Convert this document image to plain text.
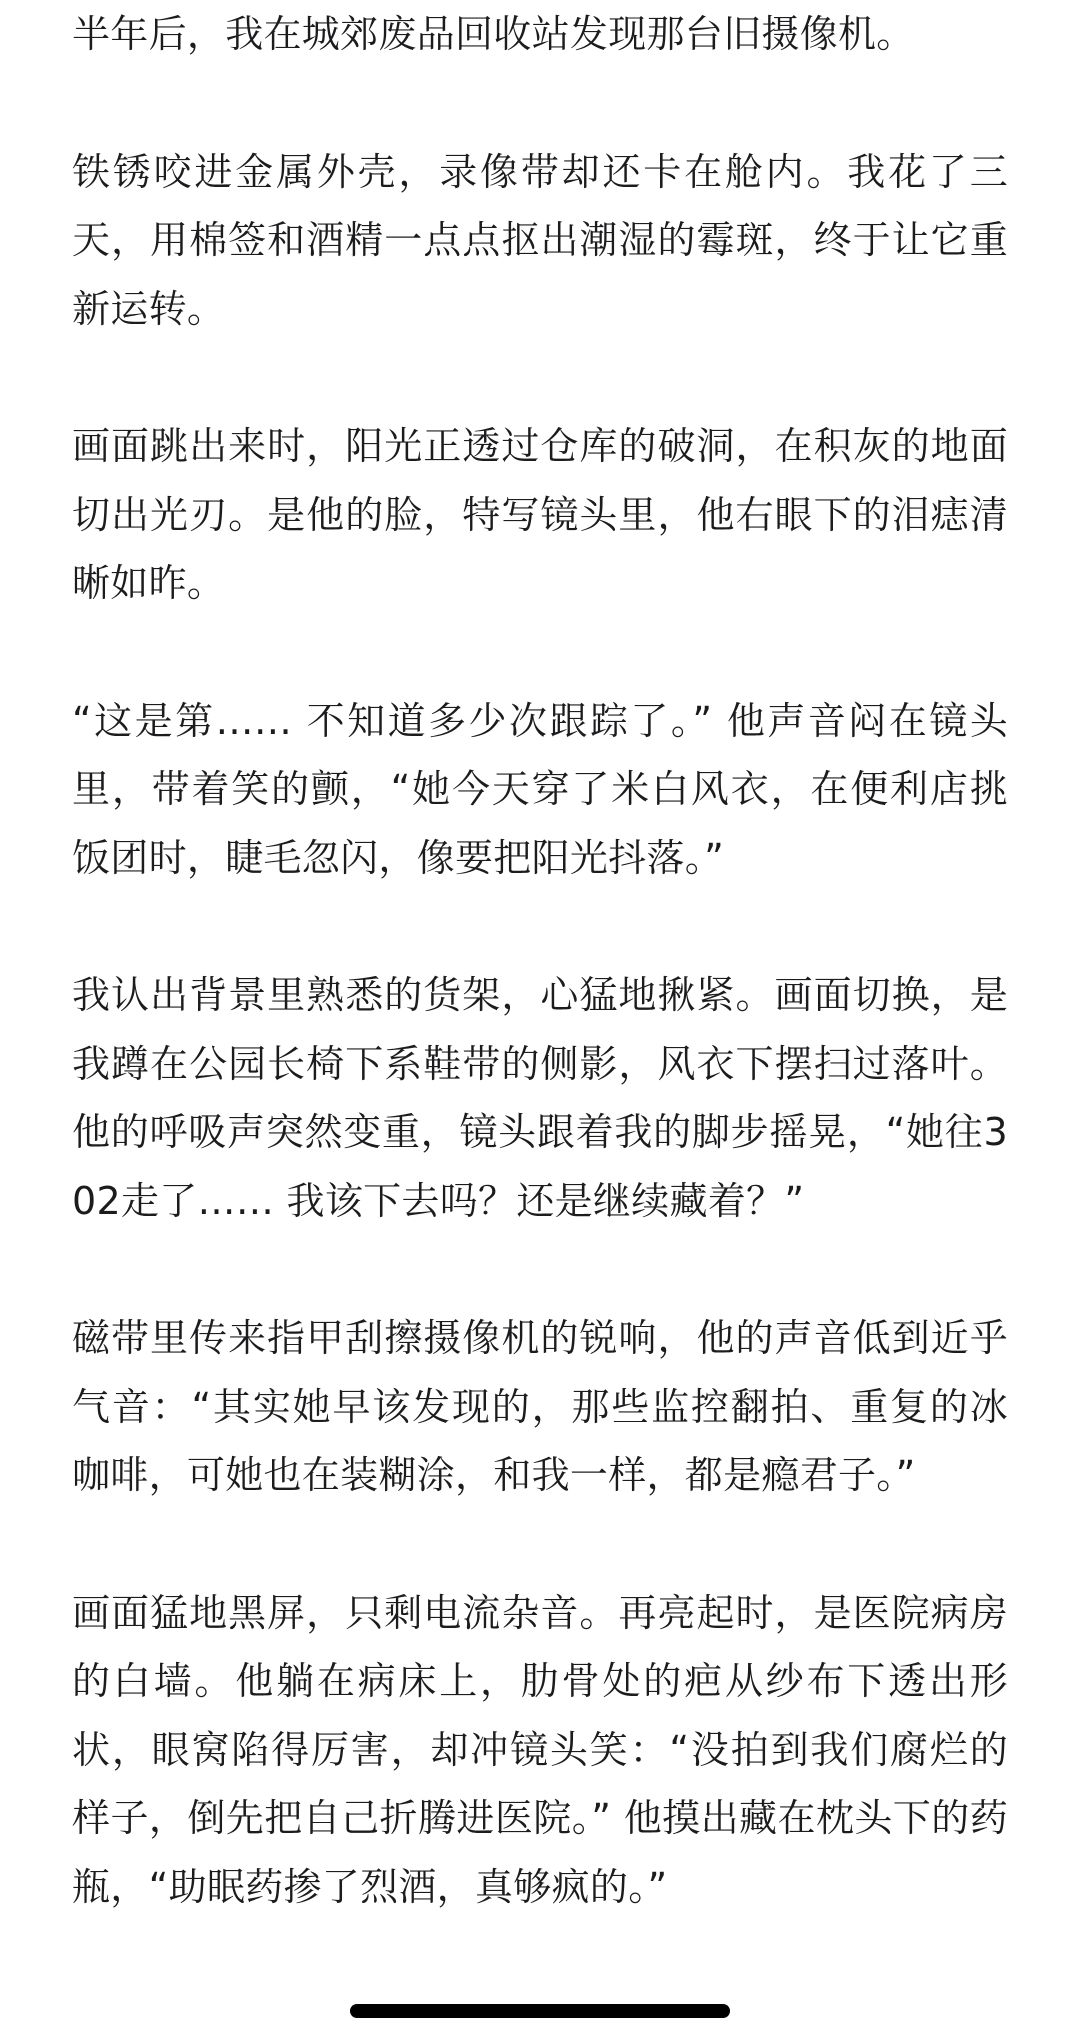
半年后，我在城郊废品回收站发现那台旧摄像机。

铁锈咬进金属外壳，录像带却还卡在舱内。我花了三天，用棉签和酒精一点点抠出潮湿的霉斑，终于让它重新运转。

画面跳出来时，阳光正透过仓库的破洞，在积灰的地面切出光刃。是他的脸，特写镜头里，他右眼下的泪痣清晰如昨。

“这是第…… 不知道多少次跟踪了。” 他声音闷在镜头里，带着笑的颤，“她今天穿了米白风衣，在便利店挑饭团时，睫毛忽闪，像要把阳光抖落。”

我认出背景里熟悉的货架，心猛地揪紧。画面切换，是我蹲在公园长椅下系鞋带的侧影，风衣下摆扫过落叶。他的呼吸声突然变重，镜头跟着我的脚步摇晃，“她往302走了…… 我该下去吗？还是继续藏着？”

磁带里传来指甲刮擦摄像机的锐响，他的声音低到近乎气音：“其实她早该发现的，那些监控翻拍、重复的冰咖啡，可她也在装糊涂，和我一样，都是瘾君子。”

画面猛地黑屏，只剩电流杂音。再亮起时，是医院病房的白墙。他躺在病床上，肋骨处的疤从纱布下透出形状，眼窝陷得厉害，却冲镜头笑：“没拍到我们腐烂的样子，倒先把自己折腾进医院。” 他摸出藏在枕头下的药瓶，“助眠药掺了烈酒，真够疯的。”
